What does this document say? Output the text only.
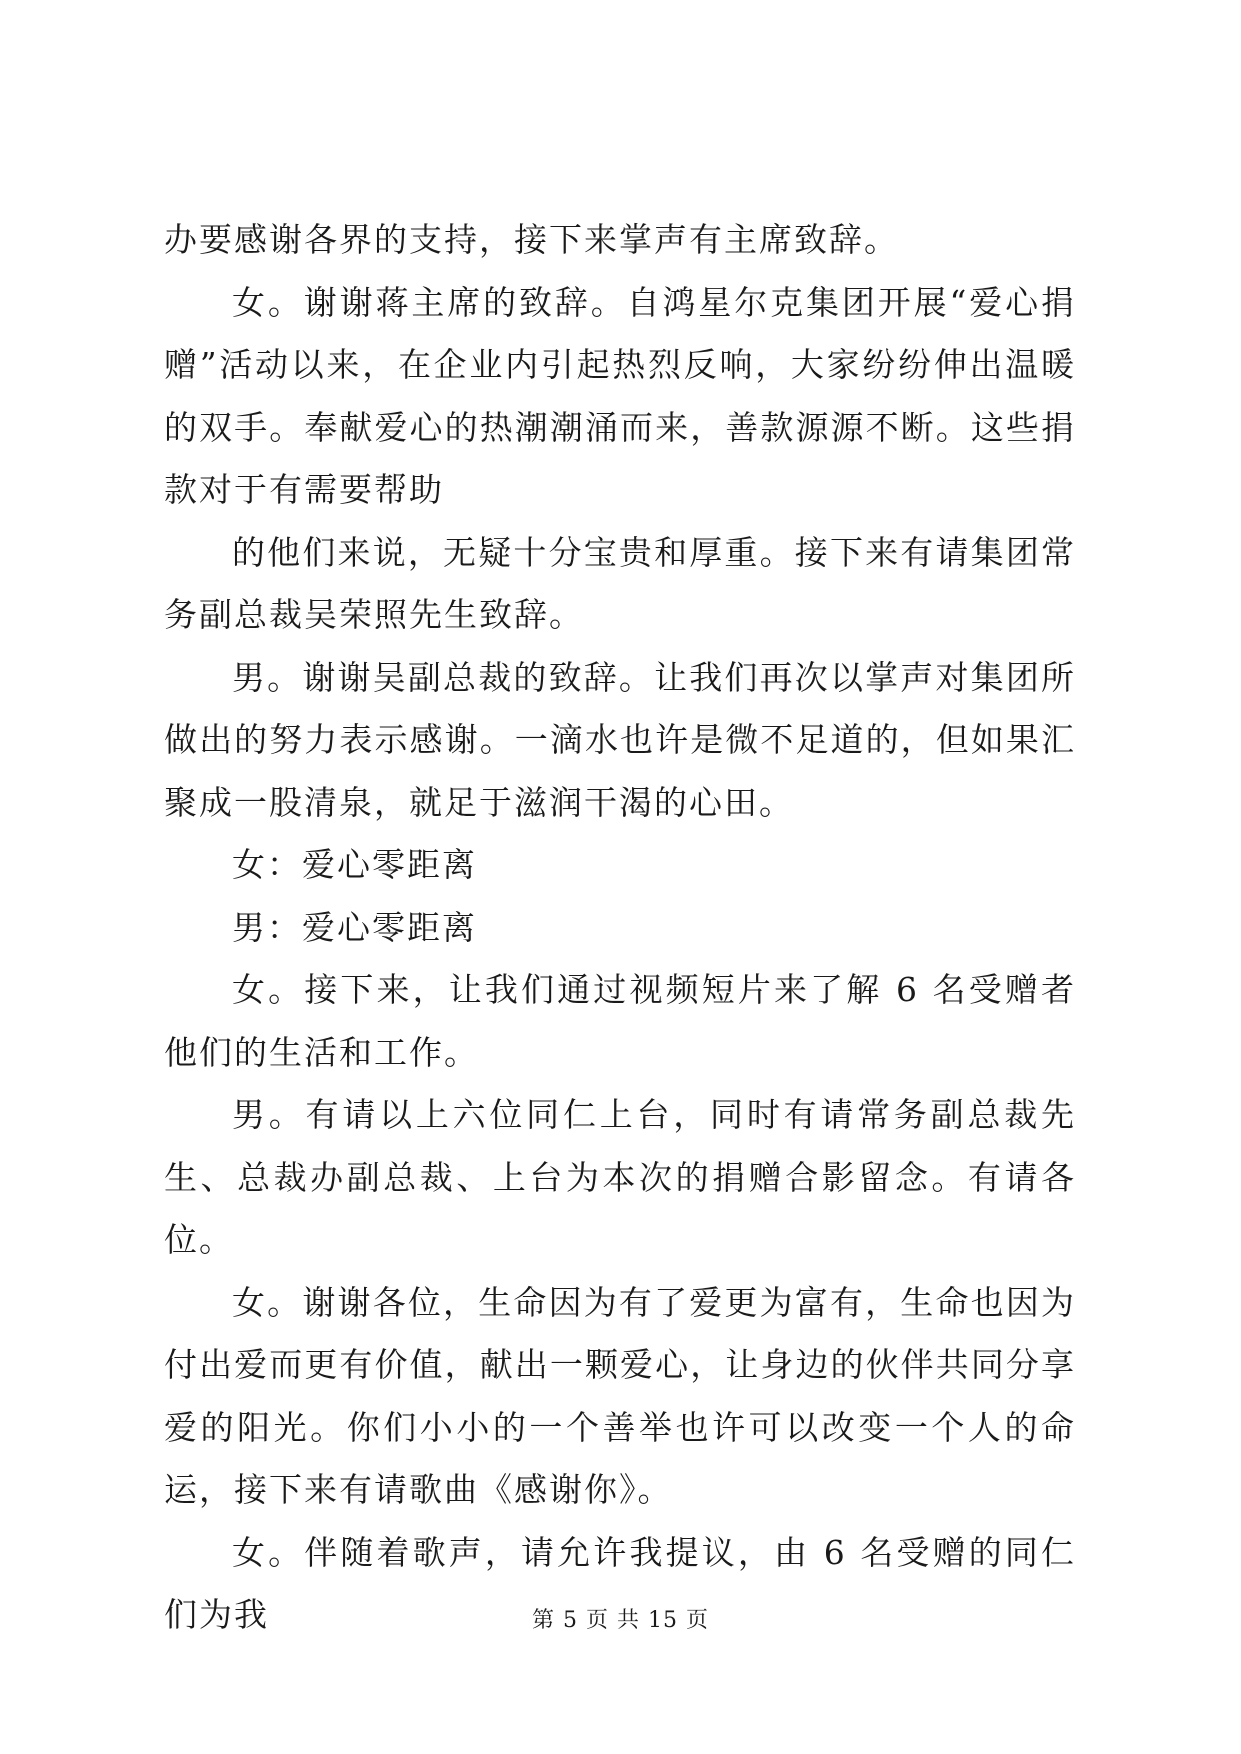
办要感谢各界的支持，接下来掌声有主席致辞。

女。谢谢蒋主席的致辞。自鸿星尔克集团开展“爱心捐赠”活动以来，在企业内引起热烈反响，大家纷纷伸出温暖的双手。奉献爱心的热潮潮涌而来，善款源源不断。这些捐款对于有需要帮助

的他们来说，无疑十分宝贵和厚重。接下来有请集团常务副总裁吴荣照先生致辞。

男。谢谢吴副总裁的致辞。让我们再次以掌声对集团所做出的努力表示感谢。一滴水也许是微不足道的，但如果汇聚成一股清泉，就足于滋润干渴的心田。

女：爱心零距离

男：爱心零距离

女。接下来，让我们通过视频短片来了解 6 名受赠者他们的生活和工作。

男。有请以上六位同仁上台，同时有请常务副总裁先生、总裁办副总裁、上台为本次的捐赠合影留念。有请各位。

女。谢谢各位，生命因为有了爱更为富有，生命也因为付出爱而更有价值，献出一颗爱心，让身边的伙伴共同分享爱的阳光。你们小小的一个善举也许可以改变一个人的命运，接下来有请歌曲《感谢你》。

女。伴随着歌声，请允许我提议，由 6 名受赠的同仁们为我	第 5 页 共 15 页
